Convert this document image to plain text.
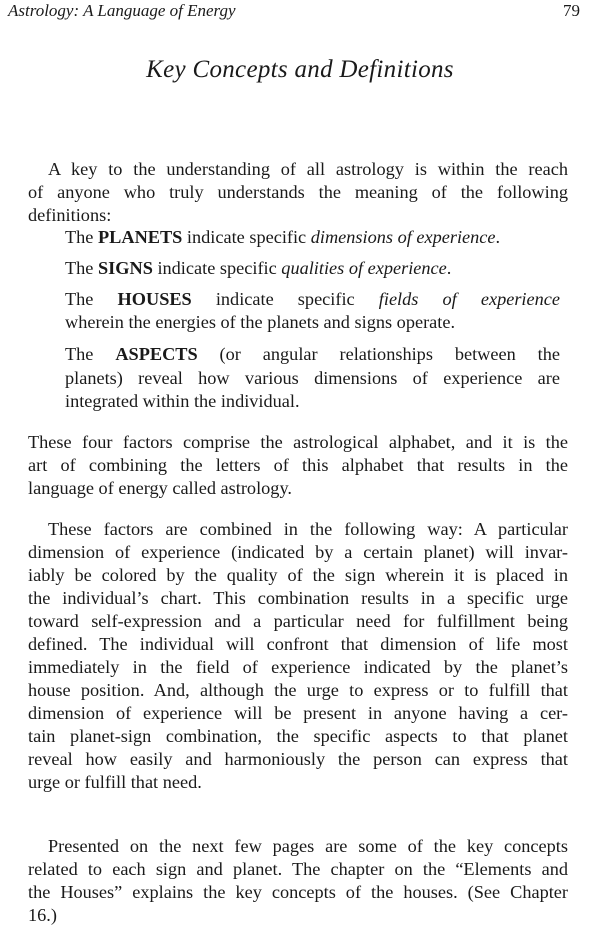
Astrology: A Language of Energy	79
Key Concepts and Definitions
A key to the understanding of all astrology is within the reach
of anyone who truly understands the meaning of the following
definitions:
The PLANETS indicate specific dimensions of experience.
The SIGNS indicate specific qualities of experience.
The HOUSES indicate specific fields of experience
wherein the energies of the planets and signs operate.
The ASPECTS (or angular relationships between the
planets) reveal how various dimensions of experience are
integrated within the individual.
These four factors comprise the astrological alphabet, and it is the
art of combining the letters of this alphabet that results in the
language of energy called astrology.
These factors are combined in the following way: A particular
dimension of experience (indicated by a certain planet) will invar-
iably be colored by the quality of the sign wherein it is placed in
the individual’s chart. This combination results in a specific urge
toward self-expression and a particular need for fulfillment being
defined. The individual will confront that dimension of life most
immediately in the field of experience indicated by the planet’s
house position. And, although the urge to express or to fulfill that
dimension of experience will be present in anyone having a cer-
tain planet-sign combination, the specific aspects to that planet
reveal how easily and harmoniously the person can express that
urge or fulfill that need.
Presented on the next few pages are some of the key concepts
related to each sign and planet. The chapter on the “Elements and
the Houses” explains the key concepts of the houses. (See Chapter
16.)
